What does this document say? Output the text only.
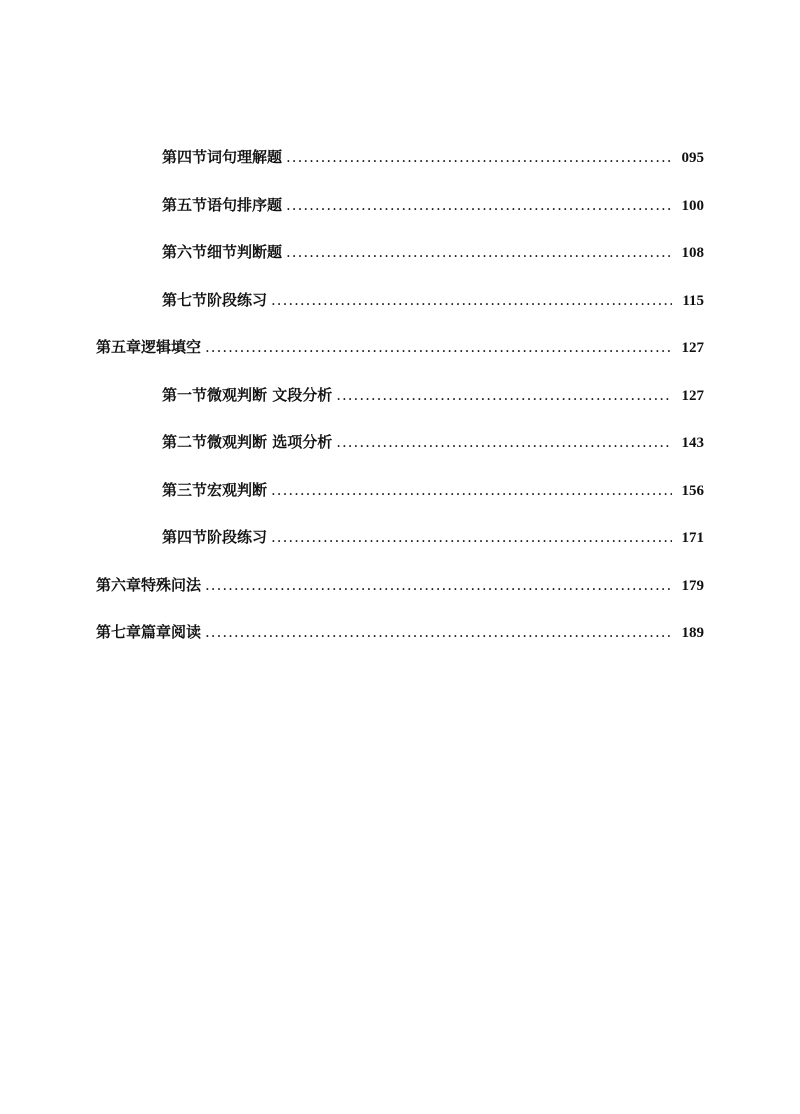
第四节 词句理解题 .....	095
第五节 语句排序题 .....	100
第六节 细节判断题 .....	108
第七节 阶段练习 .....	115
第五章 逻辑填空 .....	127
第一节 微观判断 文段分析 .....	127
第二节 微观判断 选项分析 .....	143
第三节 宏观判断 .....	156
第四节 阶段练习 .....	171
第六章 特殊问法 .....	179
第七章 篇章阅读 .....	189
